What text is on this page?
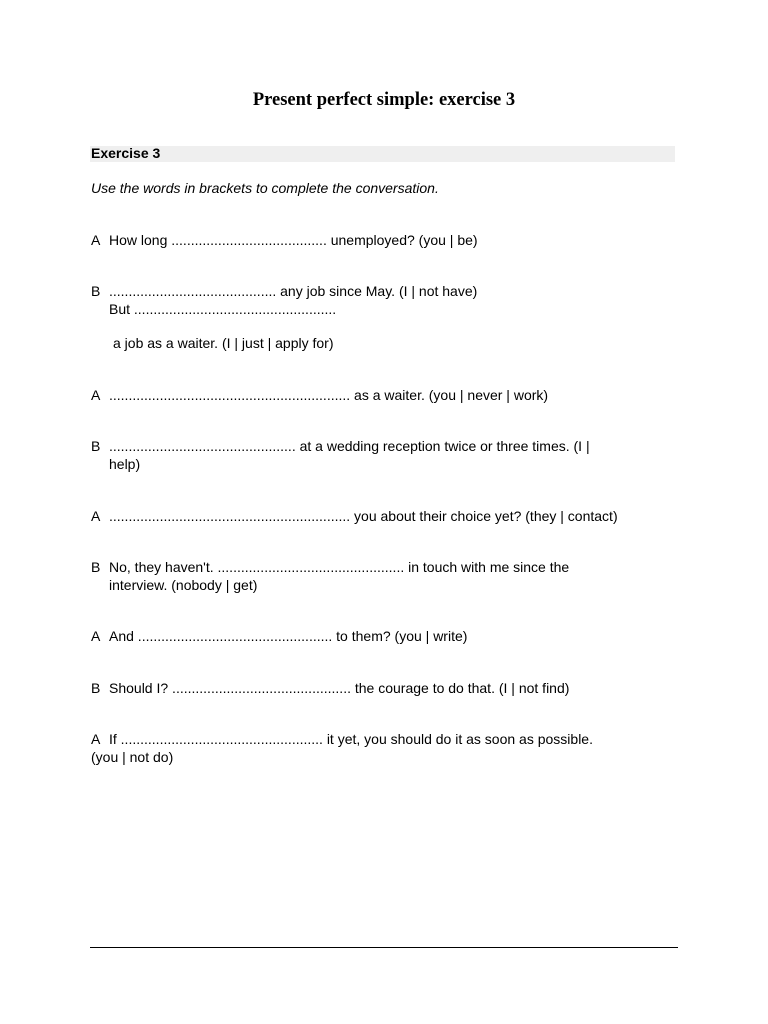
Present perfect simple: exercise 3
Exercise 3
Use the words in brackets to complete the conversation.
A How long ........................................ unemployed? (you | be)
B ........................................... any job since May. (I | not have)
But ....................................................
a job as a waiter. (I | just | apply for)
A .............................................................. as a waiter. (you | never | work)
B ................................................ at a wedding reception twice or three times. (I |
help)
A .............................................................. you about their choice yet? (they | contact)
B No, they haven't. ................................................ in touch with me since the
interview. (nobody | get)
A And .................................................. to them? (you | write)
B Should I? .............................................. the courage to do that. (I | not find)
A If .................................................... it yet, you should do it as soon as possible.
(you | not do)
